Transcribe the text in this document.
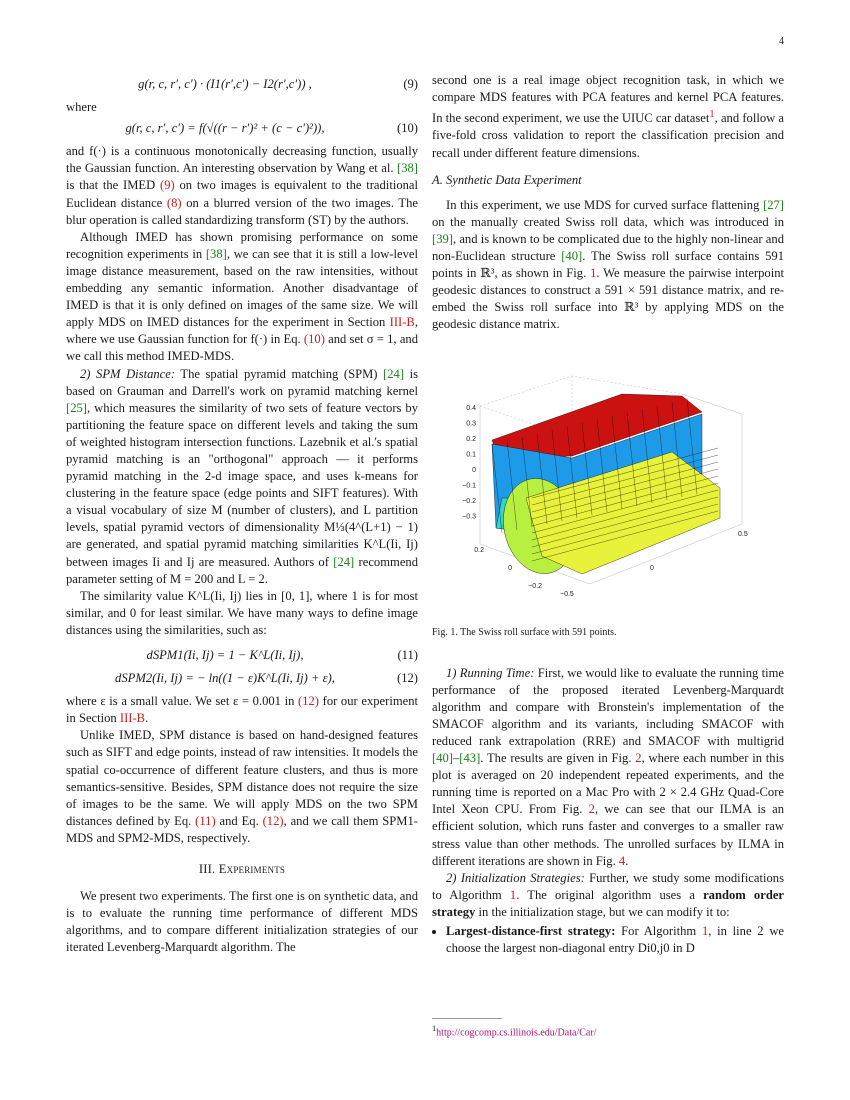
4
g(r, c, r′, c′) · (I1(r′,c′) − I2(r′,c′)) ,	(9)

where

g(r, c, r′, c′) = f(√((r − r′)² + (c − c′)²)),	(10)

and f(·) is a continuous monotonically decreasing function, usually the Gaussian function. An interesting observation by Wang et al. [38] is that the IMED (9) on two images is equivalent to the traditional Euclidean distance (8) on a blurred version of the two images. The blur operation is called standardizing transform (ST) by the authors.

Although IMED has shown promising performance on some recognition experiments in [38], we can see that it is still a low-level image distance measurement, based on the raw intensities, without embedding any semantic information. Another disadvantage of IMED is that it is only defined on images of the same size. We will apply MDS on IMED distances for the experiment in Section III-B, where we use Gaussian function for f(·) in Eq. (10) and set σ = 1, and we call this method IMED-MDS.

2) SPM Distance: The spatial pyramid matching (SPM) [24] is based on Grauman and Darrell's work on pyramid matching kernel [25], which measures the similarity of two sets of feature vectors by partitioning the feature space on different levels and taking the sum of weighted histogram intersection functions. Lazebnik et al.'s spatial pyramid matching is an "orthogonal" approach — it performs pyramid matching in the 2-d image space, and uses k-means for clustering in the feature space (edge points and SIFT features). With a visual vocabulary of size M (number of clusters), and L partition levels, spatial pyramid vectors of dimensionality M⅓(4^(L+1) − 1) are generated, and spatial pyramid matching similarities K^L(Ii, Ij) between images Ii and Ij are measured. Authors of [24] recommend parameter setting of M = 200 and L = 2.

The similarity value K^L(Ii, Ij) lies in [0, 1], where 1 is for most similar, and 0 for least similar. We have many ways to define image distances using the similarities, such as:

dSPM1(Ii, Ij) = 1 − K^L(Ii, Ij),	(11)
dSPM2(Ii, Ij) = − ln((1 − ε)K^L(Ii, Ij) + ε),	(12)

where ε is a small value. We set ε = 0.001 in (12) for our experiment in Section III-B.

Unlike IMED, SPM distance is based on hand-designed features such as SIFT and edge points, instead of raw intensities. It models the spatial co-occurrence of different feature clusters, and thus is more semantics-sensitive. Besides, SPM distance does not require the size of images to be the same. We will apply MDS on the two SPM distances defined by Eq. (11) and Eq. (12), and we call them SPM1-MDS and SPM2-MDS, respectively.

III. Experiments

We present two experiments. The first one is on synthetic data, and is to evaluate the running time performance of different MDS algorithms, and to compare different initialization strategies of our iterated Levenberg-Marquardt algorithm. The

second one is a real image object recognition task, in which we compare MDS features with PCA features and kernel PCA features. In the second experiment, we use the UIUC car dataset$^1$, and follow a five-fold cross validation to report the classification precision and recall under different feature dimensions.

A. Synthetic Data Experiment

In this experiment, we use MDS for curved surface flattening [27] on the manually created Swiss roll data, which was introduced in [39], and is known to be complicated due to the highly non-linear and non-Euclidean structure [40]. The Swiss roll surface contains 591 points in ℝ³, as shown in Fig. 1. We measure the pairwise interpoint geodesic distances to construct a 591 × 591 distance matrix, and re-embed the Swiss roll surface into ℝ³ by applying MDS on the geodesic distance matrix.

0.4
0.3
0.2
0.1
0
−0.1
−0.2
−0.3
0.2
0
−0.2
0.5
0
−0.5
Fig. 1. The Swiss roll surface with 591 points.

1) Running Time: First, we would like to evaluate the running time performance of the proposed iterated Levenberg-Marquardt algorithm and compare with Bronstein's implementation of the SMACOF algorithm and its variants, including SMACOF with reduced rank extrapolation (RRE) and SMACOF with multigrid [40]–[43]. The results are given in Fig. 2, where each number in this plot is averaged on 20 independent repeated experiments, and the running time is reported on a Mac Pro with 2 × 2.4 GHz Quad-Core Intel Xeon CPU. From Fig. 2, we can see that our ILMA is an efficient solution, which runs faster and converges to a smaller raw stress value than other methods. The unrolled surfaces by ILMA in different iterations are shown in Fig. 4.

2) Initialization Strategies: Further, we study some modifications to Algorithm 1. The original algorithm uses a random order strategy in the initialization stage, but we can modify it to:

• Largest-distance-first strategy: For Algorithm 1, in line 2 we choose the largest non-diagonal entry Di0,j0 in D
$^1$http://cogcomp.cs.illinois.edu/Data/Car/
